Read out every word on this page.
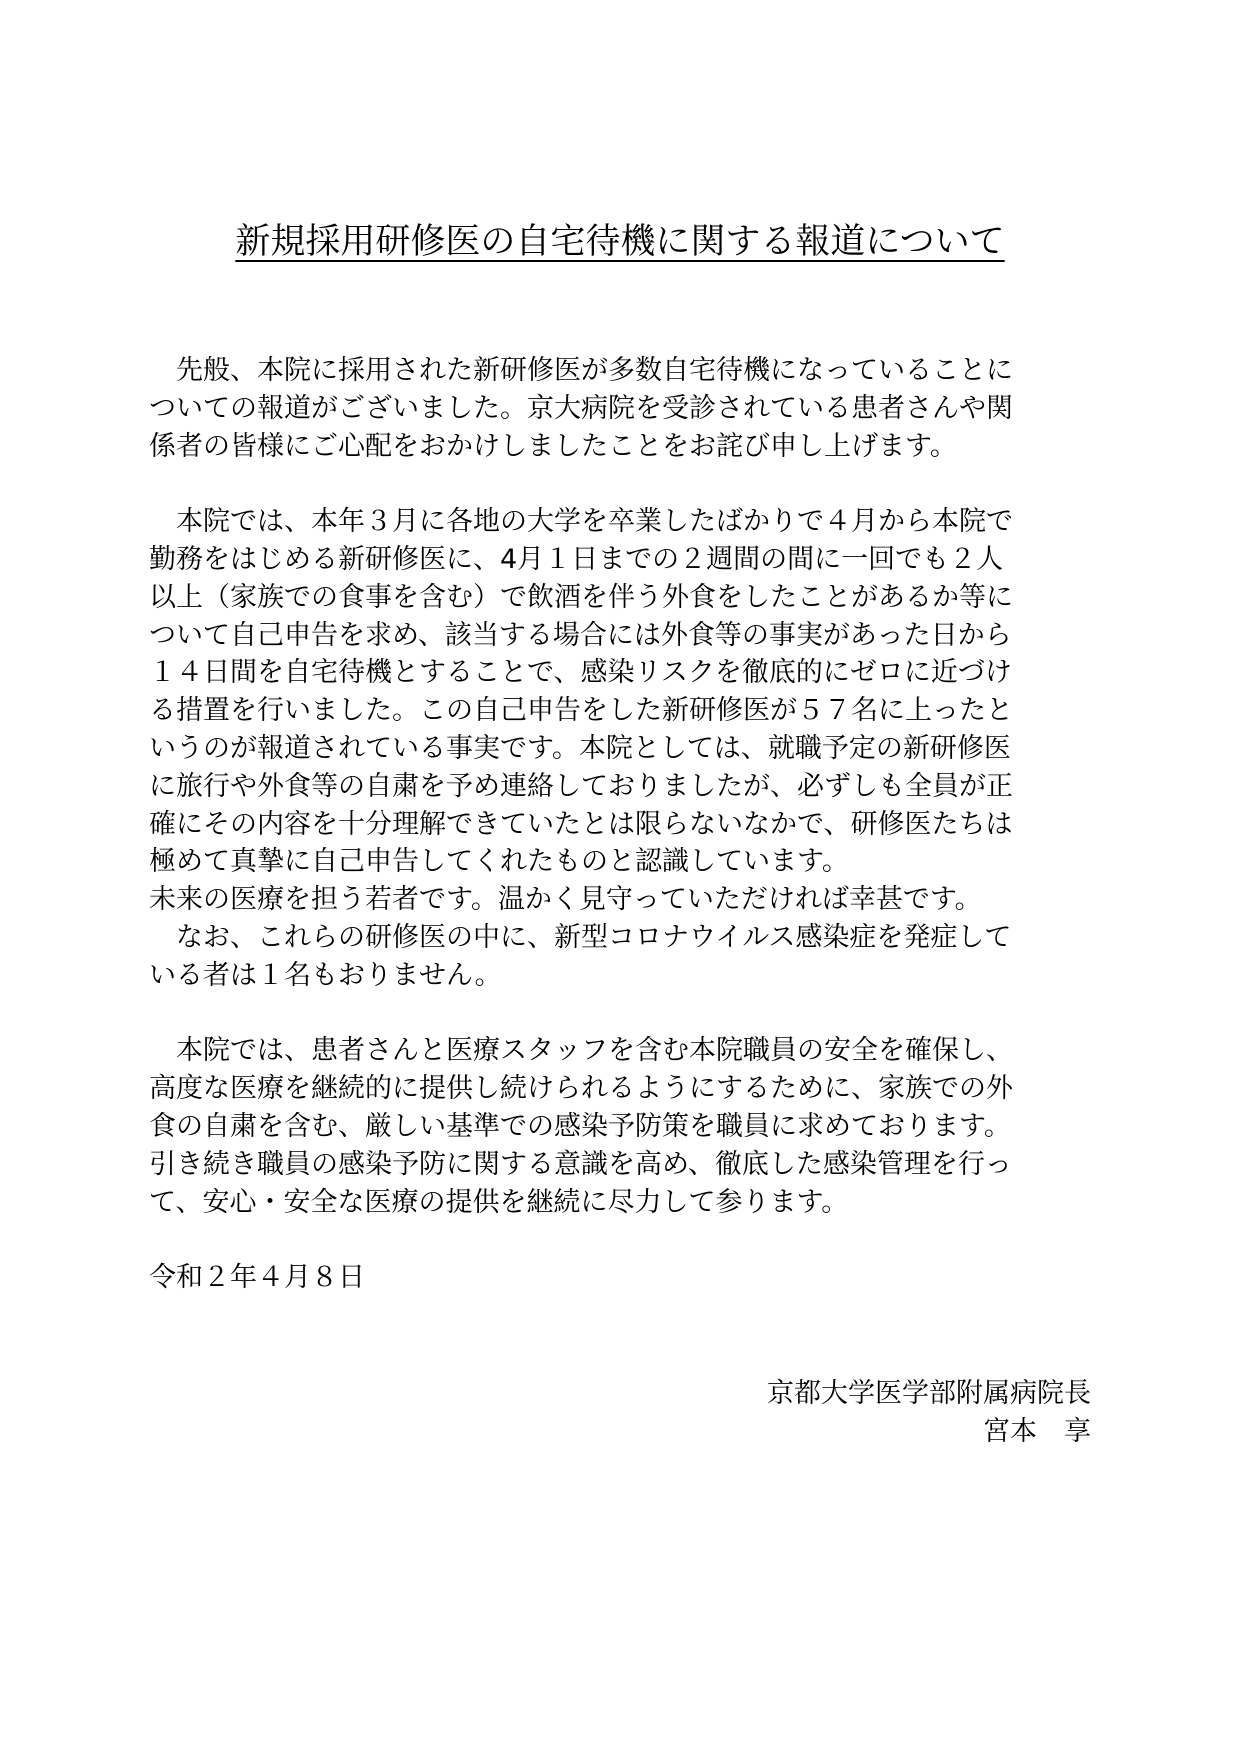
新規採用研修医の自宅待機に関する報道について
　先般、本院に採用された新研修医が多数自宅待機になっていることに
ついての報道がございました。京大病院を受診されている患者さんや関
係者の皆様にご心配をおかけしましたことをお詫び申し上げます。
　本院では、本年３月に各地の大学を卒業したばかりで４月から本院で
勤務をはじめる新研修医に、4月１日までの２週間の間に一回でも２人
以上（家族での食事を含む）で飲酒を伴う外食をしたことがあるか等に
ついて自己申告を求め、該当する場合には外食等の事実があった日から
１４日間を自宅待機とすることで、感染リスクを徹底的にゼロに近づけ
る措置を行いました。この自己申告をした新研修医が５７名に上ったと
いうのが報道されている事実です。本院としては、就職予定の新研修医
に旅行や外食等の自粛を予め連絡しておりましたが、必ずしも全員が正
確にその内容を十分理解できていたとは限らないなかで、研修医たちは
極めて真摯に自己申告してくれたものと認識しています。
未来の医療を担う若者です。温かく見守っていただければ幸甚です。
　なお、これらの研修医の中に、新型コロナウイルス感染症を発症して
いる者は１名もおりません。
　本院では、患者さんと医療スタッフを含む本院職員の安全を確保し、
高度な医療を継続的に提供し続けられるようにするために、家族での外
食の自粛を含む、厳しい基準での感染予防策を職員に求めております。
引き続き職員の感染予防に関する意識を高め、徹底した感染管理を行っ
て、安心・安全な医療の提供を継続に尽力して参ります。
令和２年４月８日
京都大学医学部附属病院長
宮本　享
